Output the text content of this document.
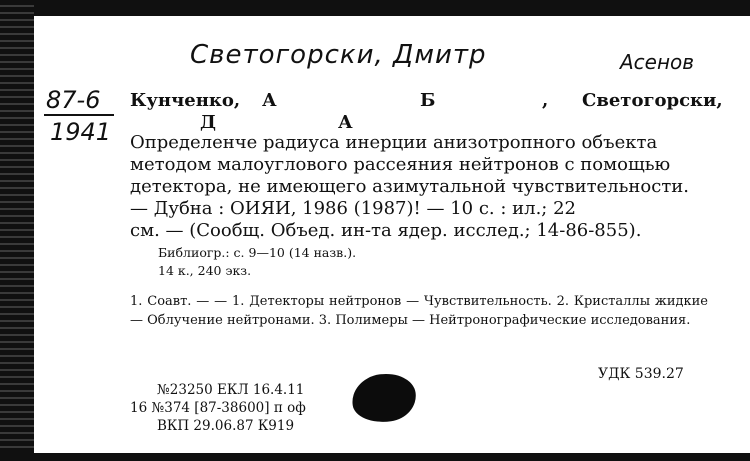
Светогорски, Дмитр	Асенов
87-6
1941
Кунченко, А	Б	, Светогорски,
Д	А
Определенче радиуса инерции анизотропного объекта
методом малоуглового рассеяния нейтронов с помощью
детектора, не имеющего азимутальной чувствительности.
— Дубна : ОИЯИ, 1986 (1987)! — 10 с. : ил.; 22
см. — (Сообщ. Объед. ин-та ядер. исслед.; 14-86-855).
Библиогр.: с. 9—10 (14 назв.).
14 к., 240 экз.
1. Соавт. — — 1. Детекторы нейтронов — Чувствительность. 2. Кристаллы жидкие — Облучение нейтронами. 3. Полимеры — Нейтронографические исследования.
УДК 539.27
№23250 ЕКЛ 16.4.11
16 №374 [87-38600] п оф
ВКП 29.06.87 К919
